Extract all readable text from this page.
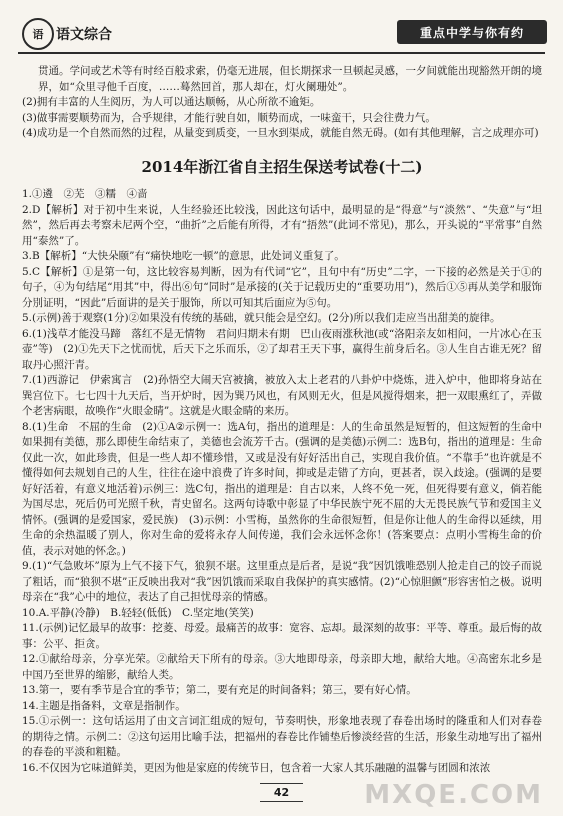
语 语文综合	重点中学与你有约

贯通。学问或艺术等有时经百般求索，仍毫无进展，但长期探求一旦顿起灵感，一夕间就能出现豁然开朗的境界，如“众里寻他千百度，……蓦然回首，那人却在，灯火阑珊处”。

(2)拥有丰富的人生阅历，为人可以通达顺畅，从心所欲不逾矩。

(3)做事需要顺势而为，合乎规律，才能行驶自如，顺势而成，一味蛮干，只会往费力气。

(4)成功是一个自然而然的过程，从量变到质变，一旦水到渠成，就能自然无碍。(如有其他理解，言之成理亦可)

2014年浙江省自主招生保送考试卷(十二)

1.①遴　②芜　③糯　④啬

2.D【解析】对于初中生来说，人生经验还比较浅，因此这句话中，最明显的是“得意”与“淡然”、“失意”与“坦然”，然后再去考察未尼两个空，“曲折”之后能有所得，才有“捂然”(此词不常见)，那么，开头说的“平常事”自然用“泰然”了。

3.B【解析】“大快朵颐”有“痛快地吃一顿”的意思，此处词义重复了。

5.C【解析】①是第一句，这比较容易判断，因为有代词“它”，且句中有“历史”二字，一下接的必然是关于①的句子，④为句结尾“用其”中，得出⑥句“同时”是承接的(关于记载历史的“重要功用”)，然后①⑤再从美学和服饰分別证明，“因此”后面讲的是关于服饰，所以可知其后面应为⑤句。

5.(示例)善于观察(1分)②如果没有传统的基础，就只能会是空幻。(2分)所以我们走应当出甜美的旋律。

6.(1)浅草才能没马蹄　落红不是无情物　君问归期未有期　巴山夜雨涨秋池(或“洛阳亲友如相问，一片冰心在玉壶”等)　(2)①先天下之忧而忧，后天下之乐而乐，②了却君王天下事，赢得生前身后名。③人生自古谁无死？留取丹心照汗青。

7.(1)西游记　伊索寓言　(2)孙悟空大闹天宫被擒，被放入太上老君的八卦炉中烧炼，进入炉中，他即将身站在巽宫位下。七七四十九天后，当开炉时，因为巽乃风也，有风则无火，但是风搅得烟来，把一双眼熏红了，弄做个老害病眼，故唤作“火眼金睛”。这就是火眼金睛的来历。

8.(1)生命　不屈的生命　(2)①A②示例一：选A句，指出的道理是：人的生命虽然是短暂的，但这短暂的生命中如果拥有美德，那么即使生命结束了，美德也会流芳千古。(强调的是美德)示例二：选B句，指出的道理是：生命仅此一次，如此珍贵，但是一些人却不懂珍惜，又或是没有好好活出自己，实现自我价值。“不靠手”也许就是不懂得如何去规划自己的人生，往往在途中浪费了许多时间，抑或是走错了方向，更甚者，误入歧途。(强调的是要好好活着，有意义地活着)示例三：选C句，指出的道理是：自古以来，人终不免一死，但死得要有意义，倘若能为国尽忠，死后仍可光照千秋，青史留名。这两句诗歌中彰显了中华民族宁死不屈的大无畏民族气节和爱国主义情怀。(强调的是爱国家，爱民族)　(3)示例：小雪梅，虽然你的生命很短暂，但是你让他人的生命得以延续，用生命的余热温暖了别人，你对生命的爱将永存人间传递，我们会永远怀念你！(答案要点：点明小雪梅生命的价值，表示对她的怀念。)

9.(1)“气急败坏”原为上气不接下气，狼狈不堪。这里重点是后者，是说“我”因饥饿唯恐别人抢走自己的饺子而说了粗话，而“狼狈不堪”正反映出我对“我”因饥饿而采取自我保护的真实感情。(2)“心惊胆颤”形容害怕之极。说明母亲在“我”心中的地位，表达了自己担忧母亲的情感。

10.A.平静(冷静)　B.轻轻(低低)　C.坚定地(笑笑)

11.(示例)记忆最早的故事：挖菱、母爱。最痛苦的故事：宽容、忘却。最深刻的故事：平等、尊重。最后悔的故事：公平、拒贪。

12.①献给母亲，分享光荣。②献给天下所有的母亲。③大地即母亲，母亲即大地，献给大地。④高密东北乡是中国乃至世界的缩影，献给人类。

13.第一，要有季节是合宜的季节；第二，要有充足的时间备料；第三，要有好心情。

14.主题是指备料，文章是指制作。

15.①示例一：这句话运用了由文言词汇组成的短句，节奏明快，形象地表现了春卷出场时的隆重和人们对春卷的期待之情。示例二：②这句运用比喻手法，把福州的春卷比作铺垫后惨淡经营的生活，形象生动地写出了福州的春卷的平淡和粗糙。

16.不仅因为它味道鲜美，更因为他是家庭的传统节日，包含着一大家人其乐融融的温馨与团圆和浓浓

42	MXQE.COM
